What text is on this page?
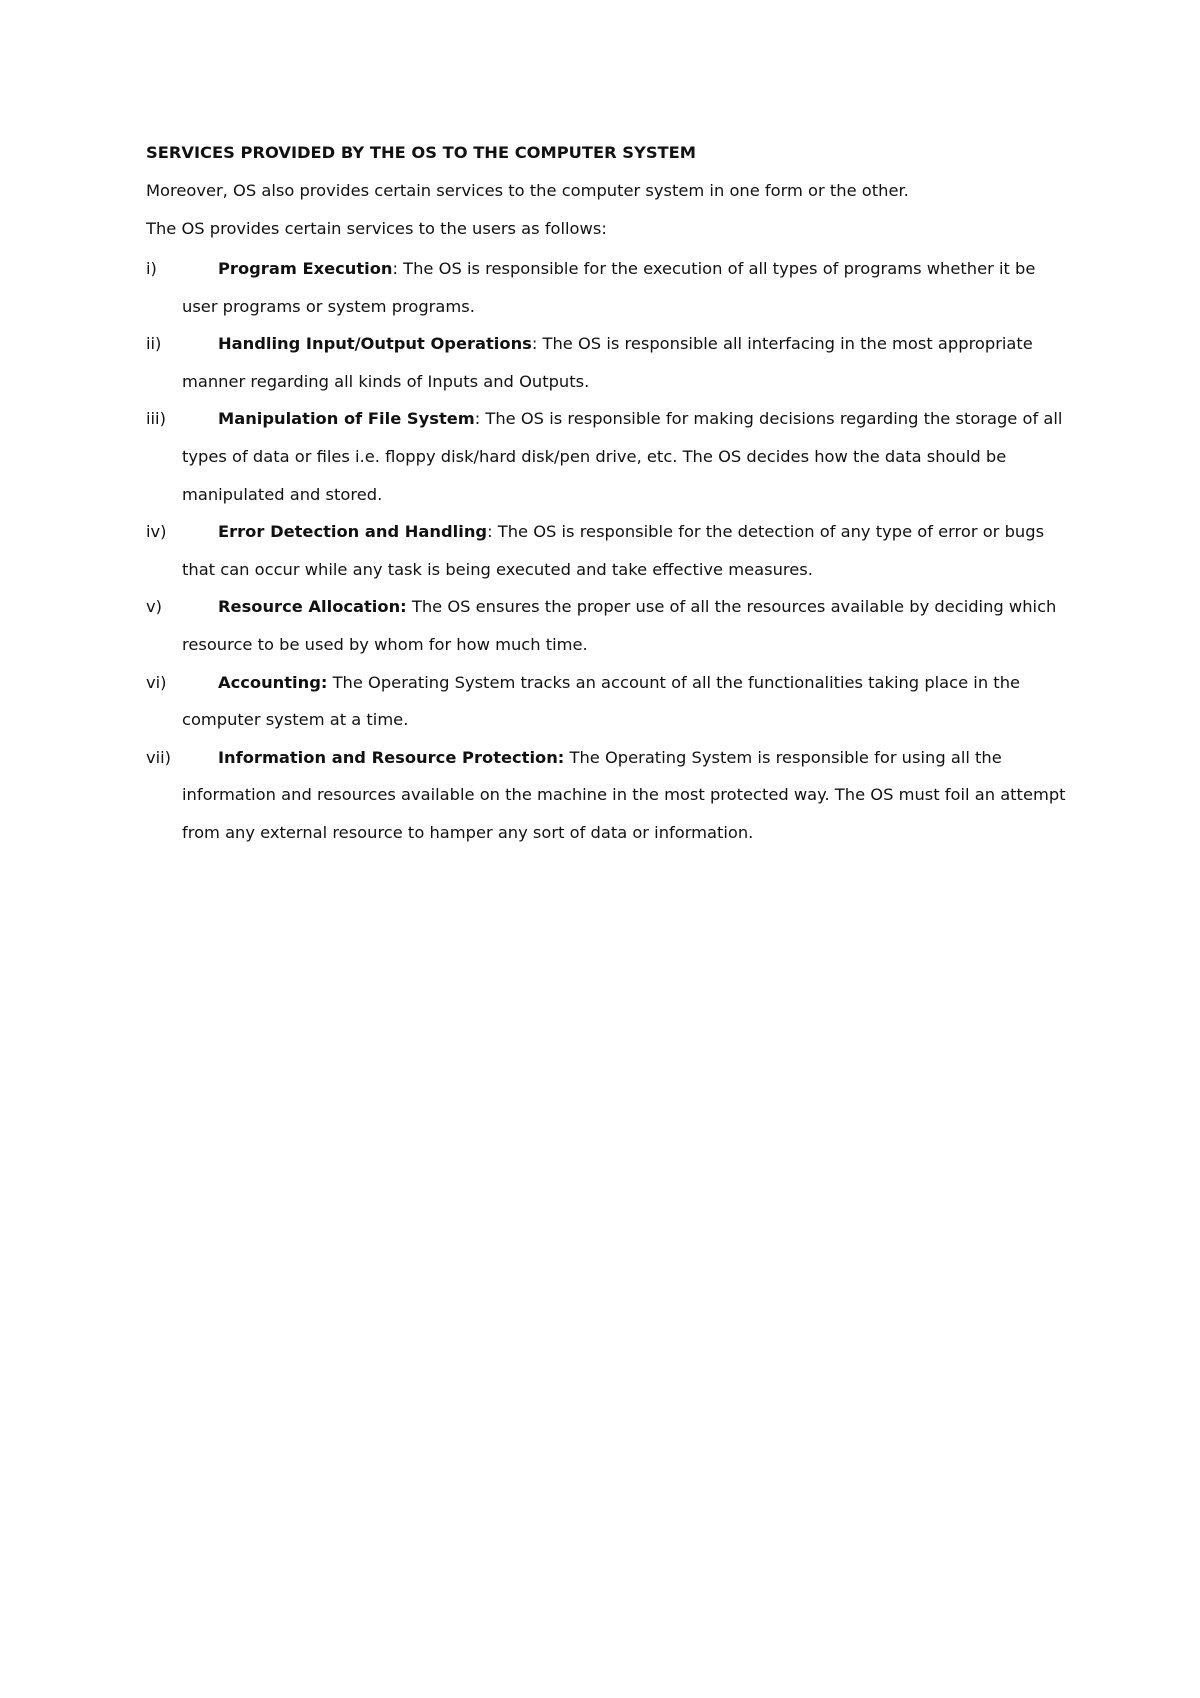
SERVICES PROVIDED BY THE OS TO THE COMPUTER SYSTEM

Moreover, OS also provides certain services to the computer system in one form or the other.

The OS provides certain services to the users as follows:

i)	Program Execution: The OS is responsible for the execution of all types of programs whether it be user programs or system programs.
ii)	Handling Input/Output Operations: The OS is responsible all interfacing in the most appropriate manner regarding all kinds of Inputs and Outputs.
iii)	Manipulation of File System: The OS is responsible for making decisions regarding the storage of all types of data or files i.e. floppy disk/hard disk/pen drive, etc. The OS decides how the data should be manipulated and stored.
iv)	Error Detection and Handling: The OS is responsible for the detection of any type of error or bugs that can occur while any task is being executed and take effective measures.
v)	Resource Allocation: The OS ensures the proper use of all the resources available by deciding which resource to be used by whom for how much time.
vi)	Accounting: The Operating System tracks an account of all the functionalities taking place in the computer system at a time.
vii)	Information and Resource Protection: The Operating System is responsible for using all the information and resources available on the machine in the most protected way. The OS must foil an attempt from any external resource to hamper any sort of data or information.
